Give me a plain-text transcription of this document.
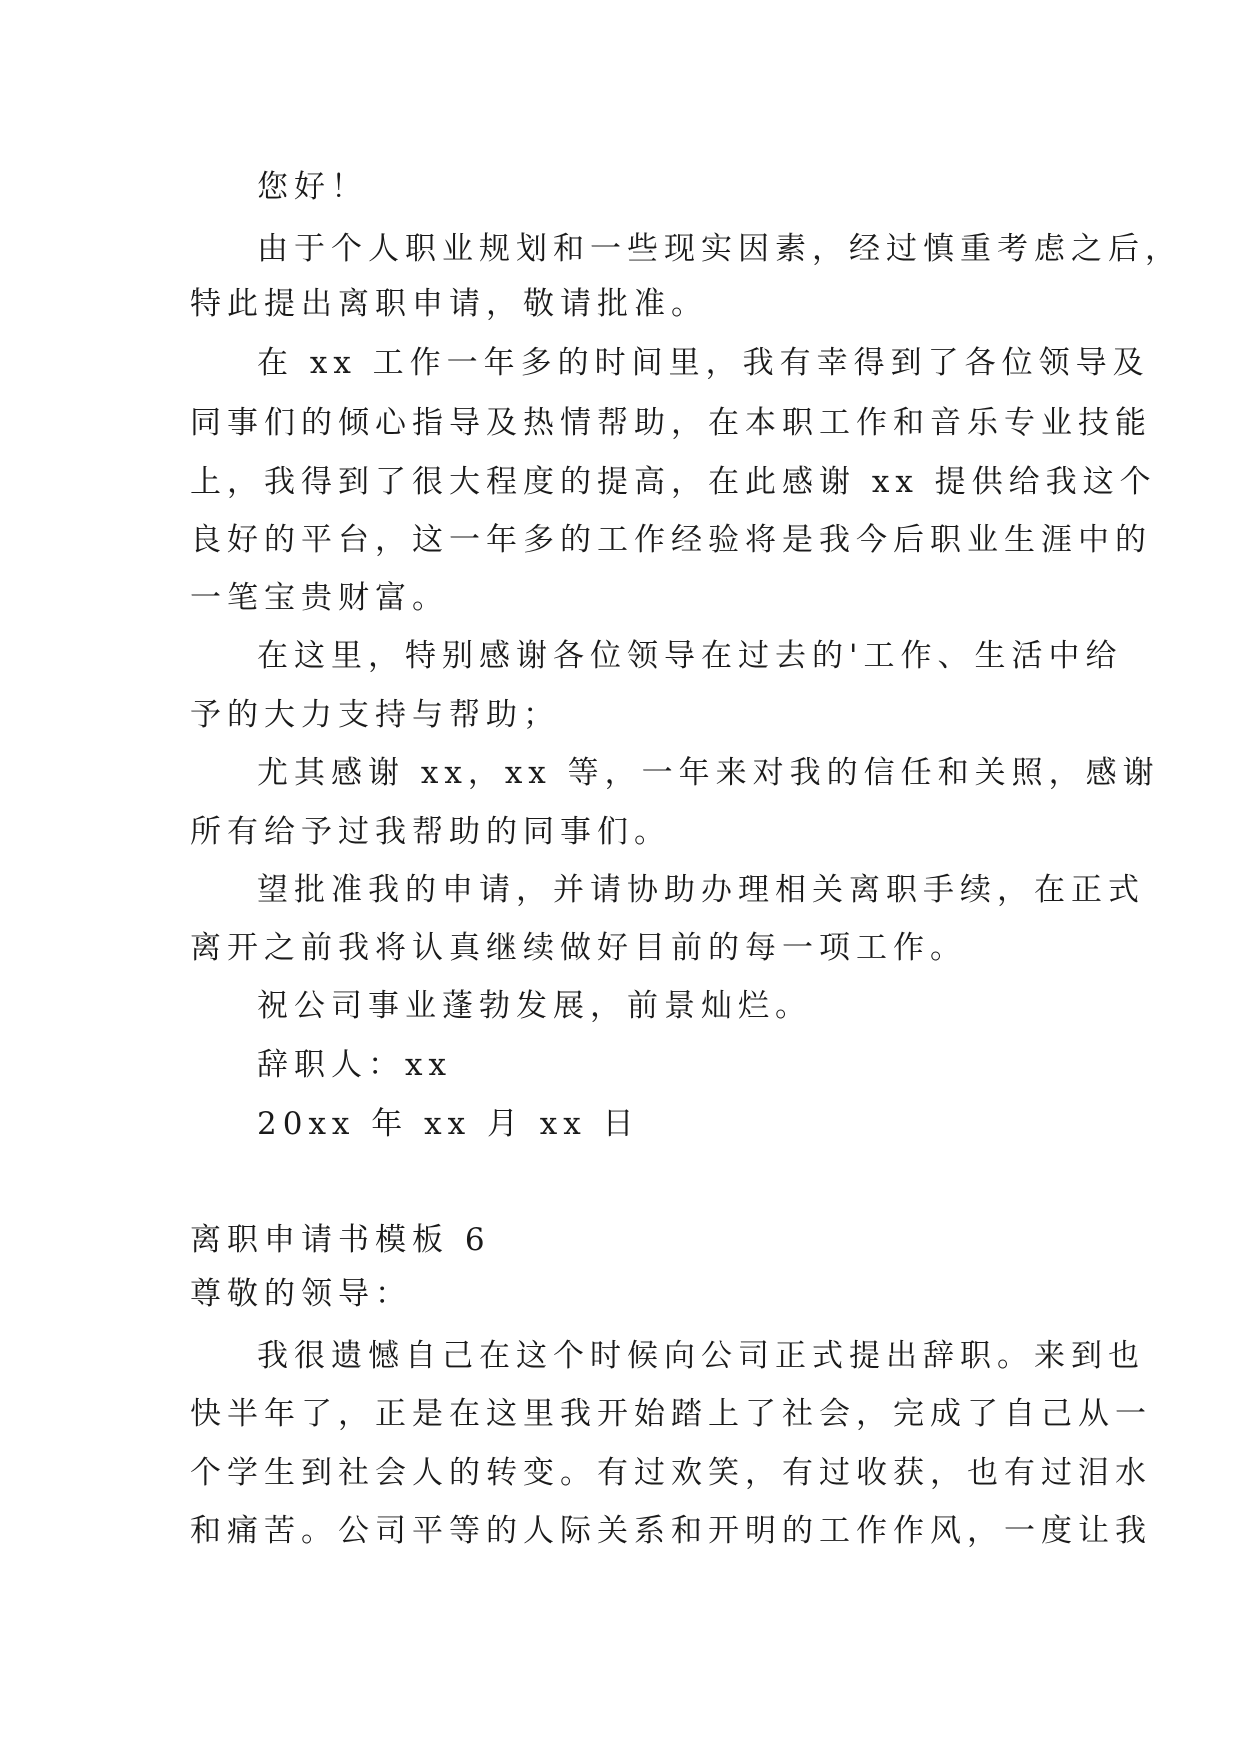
您好！
由于个人职业规划和一些现实因素，经过慎重考虑之后，
特此提出离职申请，敬请批准。
在 xx 工作一年多的时间里，我有幸得到了各位领导及
同事们的倾心指导及热情帮助，在本职工作和音乐专业技能
上，我得到了很大程度的提高，在此感谢 xx 提供给我这个
良好的平台，这一年多的工作经验将是我今后职业生涯中的
一笔宝贵财富。
在这里，特别感谢各位领导在过去的'工作、生活中给
予的大力支持与帮助；
尤其感谢 xx，xx 等，一年来对我的信任和关照，感谢
所有给予过我帮助的同事们。
望批准我的申请，并请协助办理相关离职手续，在正式
离开之前我将认真继续做好目前的每一项工作。
祝公司事业蓬勃发展，前景灿烂。
辞职人：xx
20xx 年 xx 月 xx 日
离职申请书模板 6
尊敬的领导：
我很遗憾自己在这个时候向公司正式提出辞职。来到也
快半年了，正是在这里我开始踏上了社会，完成了自己从一
个学生到社会人的转变。有过欢笑，有过收获，也有过泪水
和痛苦。公司平等的人际关系和开明的工作作风，一度让我
